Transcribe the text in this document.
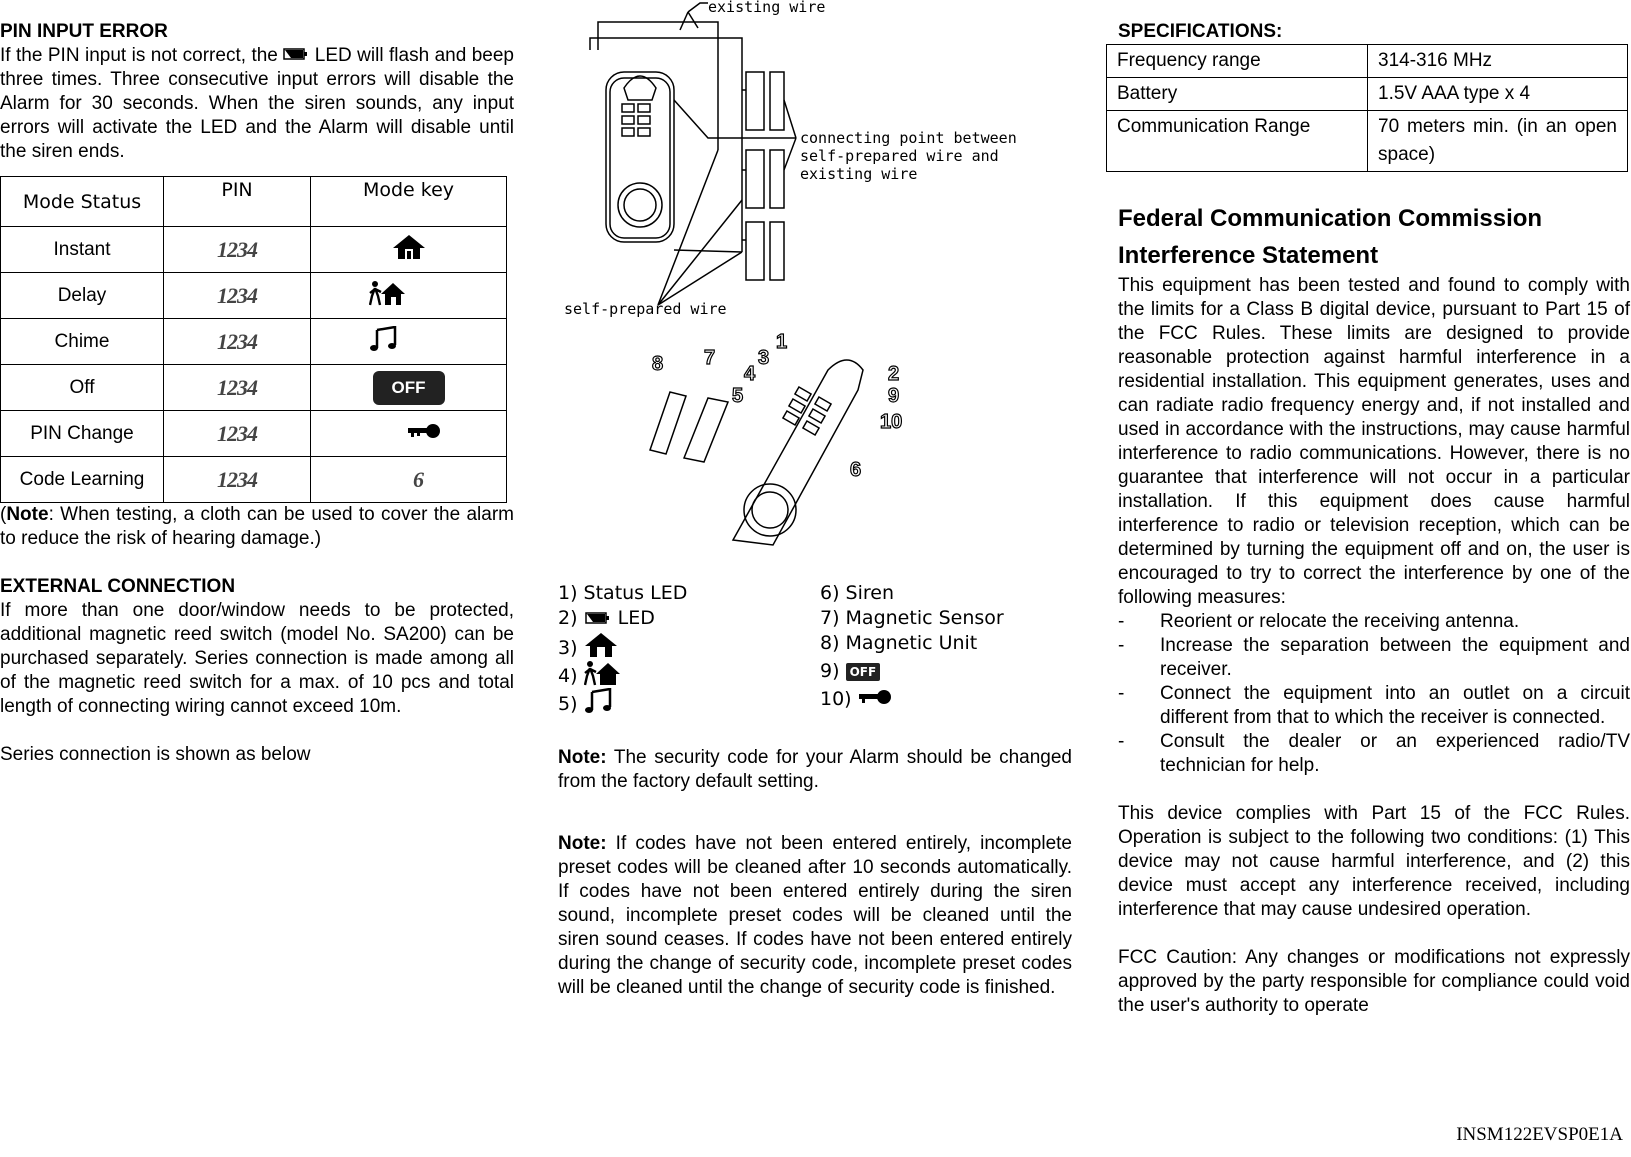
PIN INPUT ERROR

If the PIN input is not correct, the LED will flash and beep three times. Three consecutive input errors will disable the Alarm for 30 seconds. When the siren sounds, any input errors will activate the LED and the Alarm will disable until the siren ends.

Mode Status	PIN	Mode key
Instant	1234	
Delay	1234	
Chime	1234	
Off	1234	OFF
PIN Change	1234	
Code Learning	1234	6

(Note: When testing, a cloth can be used to cover the alarm to reduce the risk of hearing damage.)

EXTERNAL CONNECTION

If more than one door/window needs to be protected, additional magnetic reed switch (model No. SA200) can be purchased separately. Series connection is made among all of the magnetic reed switch for a max. of 10 pcs and total length of connecting wiring cannot exceed 10m.

Series connection is shown as below

existing wire
connecting point between
self-prepared wire and
existing wire
self-prepared wire
1
2
3
4
5
6
7
8
9
10
1) Status LED
2) LED
3)
4)
5)
6) Siren
7) Magnetic Sensor
8) Magnetic Unit
9) OFF
10)

Note: The security code for your Alarm should be changed from the factory default setting.

Note: If codes have not been entered entirely, incomplete preset codes will be cleaned after 10 seconds automatically. If codes have not been entered entirely during the siren sound, incomplete preset codes will be cleaned until the siren sound ceases. If codes have not been entered entirely during the change of security code, incomplete preset codes will be cleaned until the change of security code is finished.

SPECIFICATIONS:
Frequency range	314-316 MHz
Battery	1.5V AAA type x 4
Communication Range	70 meters min. (in an open space)
Federal Communication Commission
Interference Statement

This equipment has been tested and found to comply with the limits for a Class B digital device, pursuant to Part 15 of the FCC Rules. These limits are designed to provide reasonable protection against harmful interference in a residential installation. This equipment generates, uses and can radiate radio frequency energy and, if not installed and used in accordance with the instructions, may cause harmful interference to radio communications. However, there is no guarantee that interference will not occur in a particular installation. If this equipment does cause harmful interference to radio or television reception, which can be determined by turning the equipment off and on, the user is encouraged to try to correct the interference by one of the following measures:

- Reorient or relocate the receiving antenna.
- Increase the separation between the equipment and receiver.
- Connect the equipment into an outlet on a circuit different from that to which the receiver is connected.
- Consult the dealer or an experienced radio/TV technician for help.

This device complies with Part 15 of the FCC Rules. Operation is subject to the following two conditions: (1) This device may not cause harmful interference, and (2) this device must accept any interference received, including interference that may cause undesired operation.

FCC Caution: Any changes or modifications not expressly approved by the party responsible for compliance could void the user's authority to operate

INSM122EVSP0E1A
